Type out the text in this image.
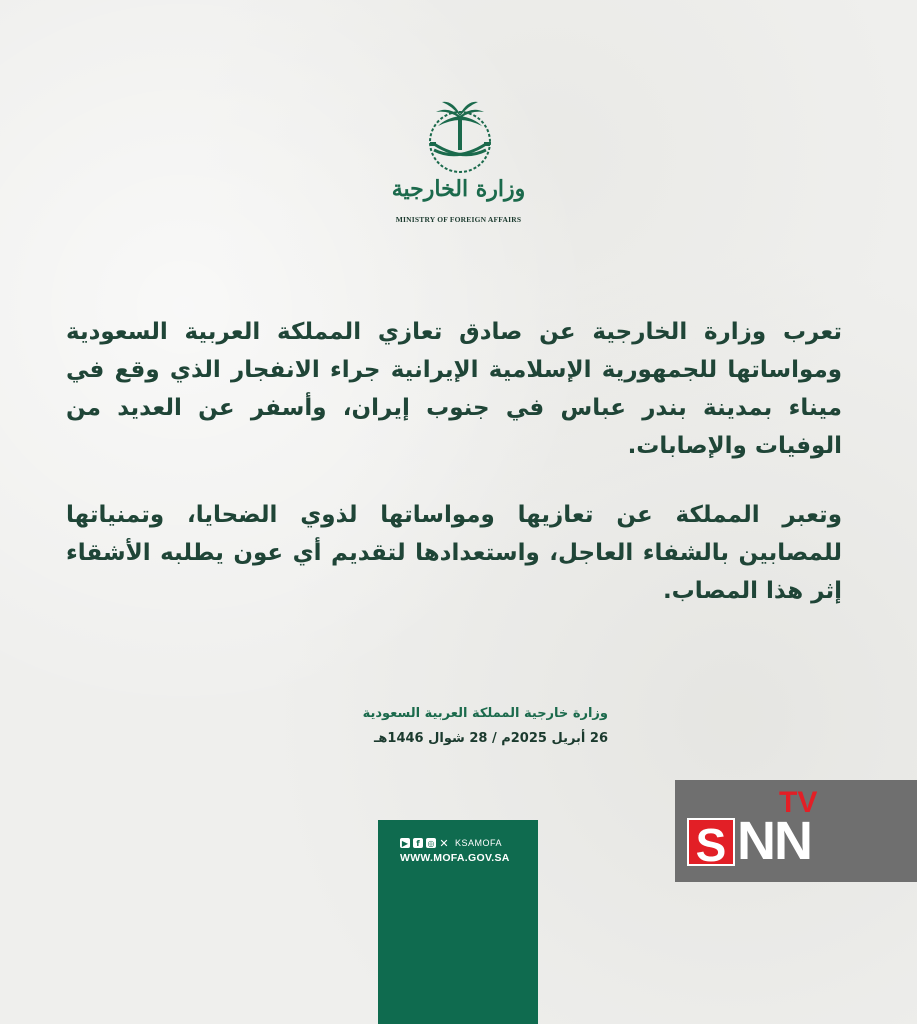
وزارة الخارجية

MINISTRY OF FOREIGN AFFAIRS

تعرب وزارة الخارجية عن صادق تعازي المملكة العربية السعودية ومواساتها للجمهورية الإسلامية الإيرانية جراء الانفجار الذي وقع في ميناء بمدينة بندر عباس في جنوب إيران، وأسفر عن العديد من الوفيات والإصابات.

وتعبر المملكة عن تعازيها ومواساتها لذوي الضحايا، وتمنياتها للمصابين بالشفاء العاجل، واستعدادها لتقديم أي عون يطلبه الأشقاء إثر هذا المصاب.

وزارة خارجية المملكة العربية السعودية

26 أبريل 2025م / 28 شوال 1446هـ

▶	f ◎ ✕ KSAMOFA
WWW.MOFA.GOV.SA
TV
S NN
